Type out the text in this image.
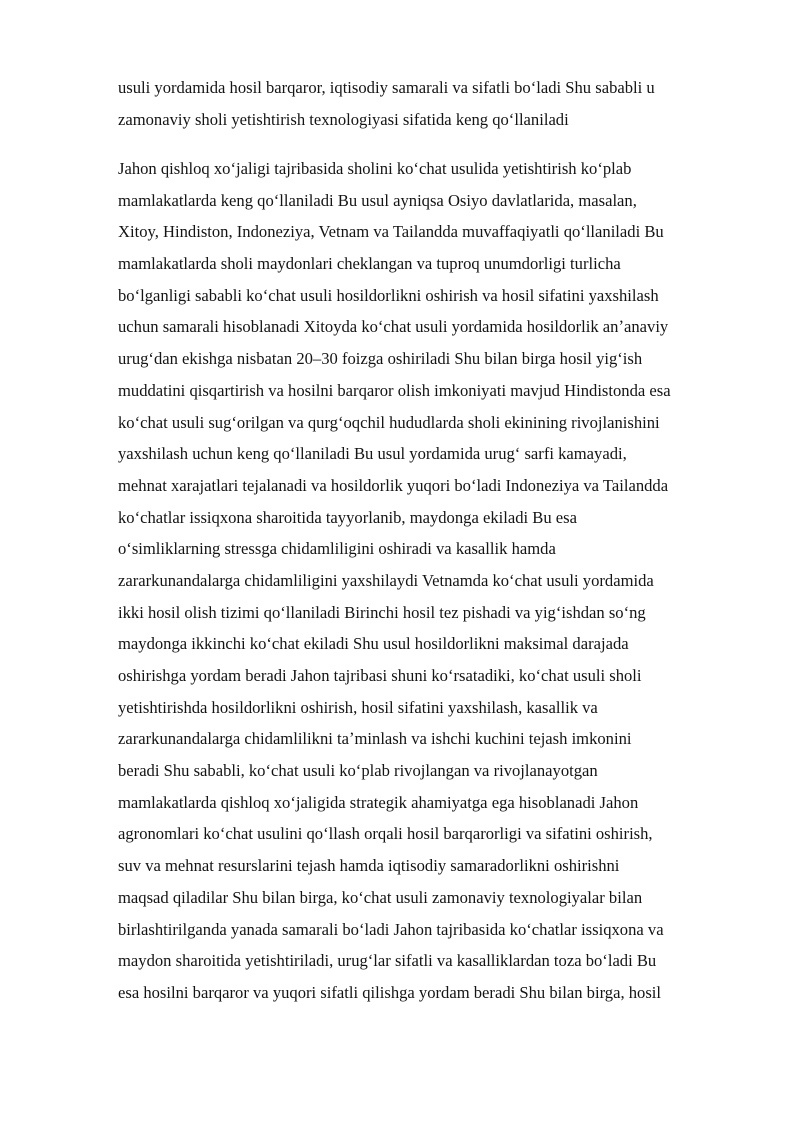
usuli yordamida hosil barqaror, iqtisodiy samarali va sifatli boʻladi Shu sababli u
zamonaviy sholi yetishtirish texnologiyasi sifatida keng qoʻllaniladi
Jahon qishloq xoʻjaligi tajribasida sholini koʻchat usulida yetishtirish koʻplab
mamlakatlarda keng qoʻllaniladi Bu usul ayniqsa Osiyo davlatlarida, masalan,
Xitoy, Hindiston, Indoneziya, Vetnam va Tailandda muvaffaqiyatli qoʻllaniladi Bu
mamlakatlarda sholi maydonlari cheklangan va tuproq unumdorligi turlicha
boʻlganligi sababli koʻchat usuli hosildorlikni oshirish va hosil sifatini yaxshilash
uchun samarali hisoblanadi Xitoyda koʻchat usuli yordamida hosildorlik anʼanaviy
urugʻdan ekishga nisbatan 20–30 foizga oshiriladi Shu bilan birga hosil yigʻish
muddatini qisqartirish va hosilni barqaror olish imkoniyati mavjud Hindistonda esa
koʻchat usuli sugʻorilgan va qurgʻoqchil hududlarda sholi ekinining rivojlanishini
yaxshilash uchun keng qoʻllaniladi Bu usul yordamida urugʻ sarfi kamayadi,
mehnat xarajatlari tejalanadi va hosildorlik yuqori boʻladi Indoneziya va Tailandda
koʻchatlar issiqxona sharoitida tayyorlanib, maydonga ekiladi Bu esa
oʻsimliklarning stressga chidamliligini oshiradi va kasallik hamda
zararkunandalarga chidamliligini yaxshilaydi Vetnamda koʻchat usuli yordamida
ikki hosil olish tizimi qoʻllaniladi Birinchi hosil tez pishadi va yigʻishdan soʻng
maydonga ikkinchi koʻchat ekiladi Shu usul hosildorlikni maksimal darajada
oshirishga yordam beradi Jahon tajribasi shuni koʻrsatadiki, koʻchat usuli sholi
yetishtirishda hosildorlikni oshirish, hosil sifatini yaxshilash, kasallik va
zararkunandalarga chidamlilikni taʼminlash va ishchi kuchini tejash imkonini
beradi Shu sababli, koʻchat usuli koʻplab rivojlangan va rivojlanayotgan
mamlakatlarda qishloq xoʻjaligida strategik ahamiyatga ega hisoblanadi Jahon
agronomlari koʻchat usulini qoʻllash orqali hosil barqarorligi va sifatini oshirish,
suv va mehnat resurslarini tejash hamda iqtisodiy samaradorlikni oshirishni
maqsad qiladilar Shu bilan birga, koʻchat usuli zamonaviy texnologiyalar bilan
birlashtirilganda yanada samarali boʻladi Jahon tajribasida koʻchatlar issiqxona va
maydon sharoitida yetishtiriladi, urugʻlar sifatli va kasalliklardan toza boʻladi Bu
esa hosilni barqaror va yuqori sifatli qilishga yordam beradi Shu bilan birga, hosil
